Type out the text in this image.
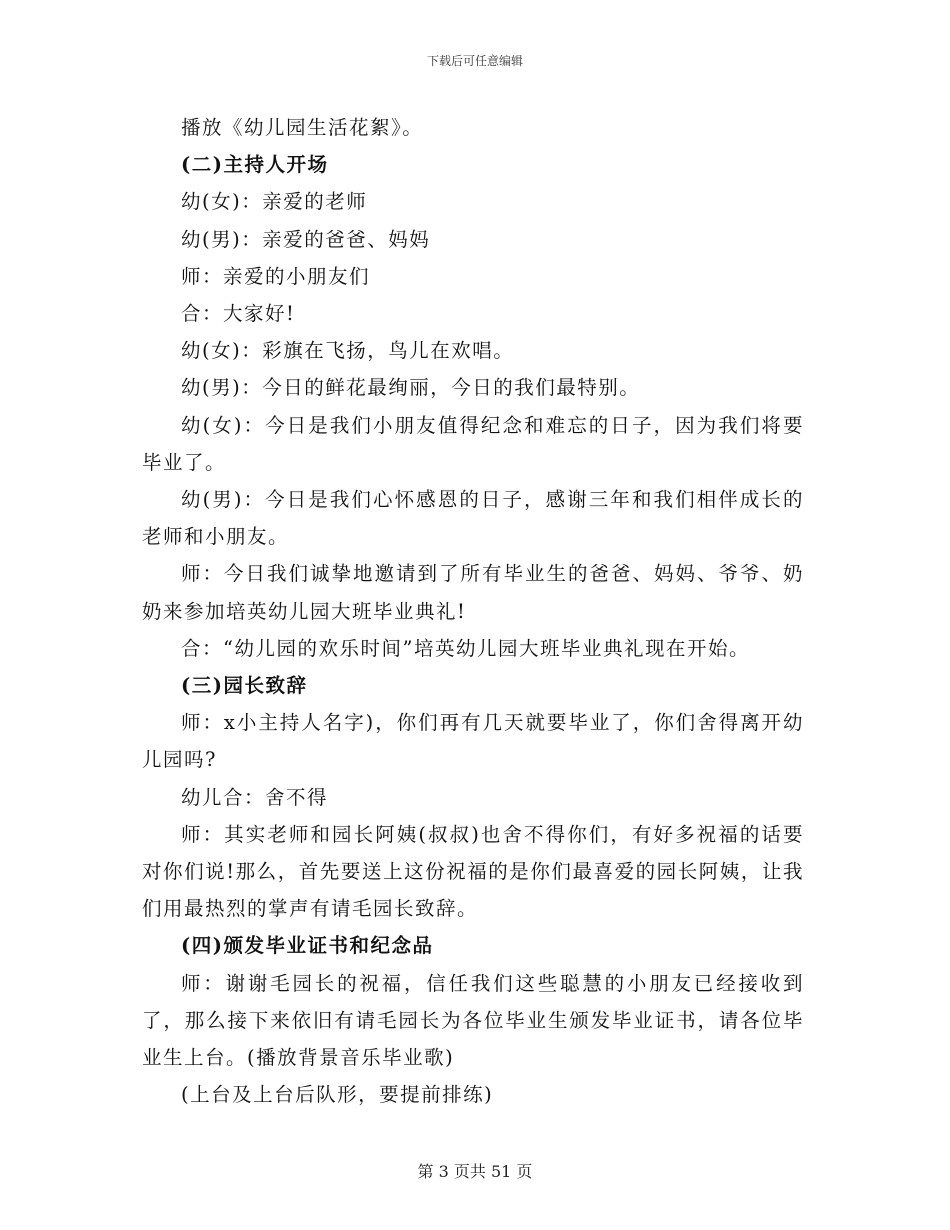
下载后可任意编辑

播放《幼儿园生活花絮》。

(二)主持人开场

幼(女)：亲爱的老师

幼(男)：亲爱的爸爸、妈妈

师：亲爱的小朋友们

合：大家好!

幼(女)：彩旗在飞扬，鸟儿在欢唱。

幼(男)：今日的鲜花最绚丽，今日的我们最特别。

幼(女)：今日是我们小朋友值得纪念和难忘的日子，因为我们将要毕业了。

幼(男)：今日是我们心怀感恩的日子，感谢三年和我们相伴成长的老师和小朋友。

师：今日我们诚挚地邀请到了所有毕业生的爸爸、妈妈、爷爷、奶奶来参加培英幼儿园大班毕业典礼!

合：“幼儿园的欢乐时间”培英幼儿园大班毕业典礼现在开始。

(三)园长致辞

师：x小主持人名字)，你们再有几天就要毕业了，你们舍得离开幼儿园吗?

幼儿合：舍不得

师：其实老师和园长阿姨(叔叔)也舍不得你们，有好多祝福的话要对你们说!那么，首先要送上这份祝福的是你们最喜爱的园长阿姨，让我们用最热烈的掌声有请毛园长致辞。

(四)颁发毕业证书和纪念品

师：谢谢毛园长的祝福，信任我们这些聪慧的小朋友已经接收到了，那么接下来依旧有请毛园长为各位毕业生颁发毕业证书，请各位毕业生上台。(播放背景音乐毕业歌)

(上台及上台后队形，要提前排练)

第 3 页共 51 页
